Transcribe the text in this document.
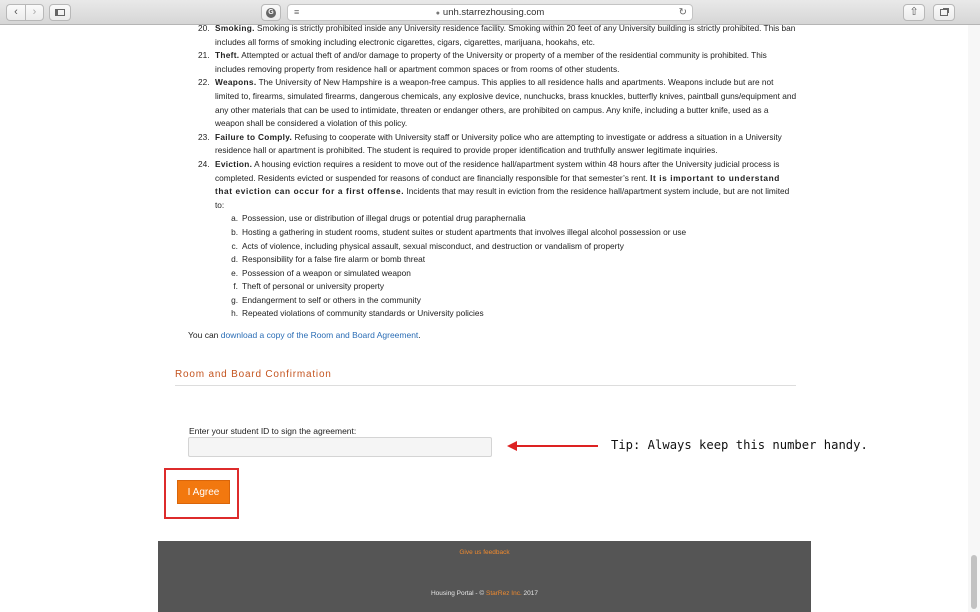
‹ ›	G ≡	● unh.starrezhousing.com	↻	⇧

20. Smoking. Smoking is strictly prohibited inside any University residence facility. Smoking within 20 feet of any University building is strictly prohibited. This ban includes all forms of smoking including electronic cigarettes, cigars, cigarettes, marijuana, hookahs, etc.

21. Theft. Attempted or actual theft of and/or damage to property of the University or property of a member of the residential community is prohibited. This includes removing property from residence hall or apartment common spaces or from rooms of other students.

22. Weapons. The University of New Hampshire is a weapon-free campus. This applies to all residence halls and apartments. Weapons include but are not limited to, firearms, simulated firearms, dangerous chemicals, any explosive device, nunchucks, brass knuckles, butterfly knives, paintball guns/equipment and any other materials that can be used to intimidate, threaten or endanger others, are prohibited on campus. Any knife, including a butter knife, used as a weapon shall be considered a violation of this policy.

23. Failure to Comply. Refusing to cooperate with University staff or University police who are attempting to investigate or address a situation in a University residence hall or apartment is prohibited. The student is required to provide proper identification and truthfully answer legitimate inquiries.

24. Eviction. A housing eviction requires a resident to move out of the residence hall/apartment system within 48 hours after the University judicial process is completed. Residents evicted or suspended for reasons of conduct are financially responsible for that semester’s rent. It is important to understand that eviction can occur for a first offense. Incidents that may result in eviction from the residence hall/apartment system include, but are not limited to:
a. Possession, use or distribution of illegal drugs or potential drug paraphernalia
b. Hosting a gathering in student rooms, student suites or student apartments that involves illegal alcohol possession or use
c. Acts of violence, including physical assault, sexual misconduct, and destruction or vandalism of property
d. Responsibility for a false fire alarm or bomb threat
e. Possession of a weapon or simulated weapon
f. Theft of personal or university property
g. Endangerment to self or others in the community
h. Repeated violations of community standards or University policies
You can download a copy of the Room and Board Agreement.
Room and Board Confirmation
Enter your student ID to sign the agreement:
Tip: Always keep this number handy.
I Agree
Give us feedback
Housing Portal - © StarRez Inc. 2017
